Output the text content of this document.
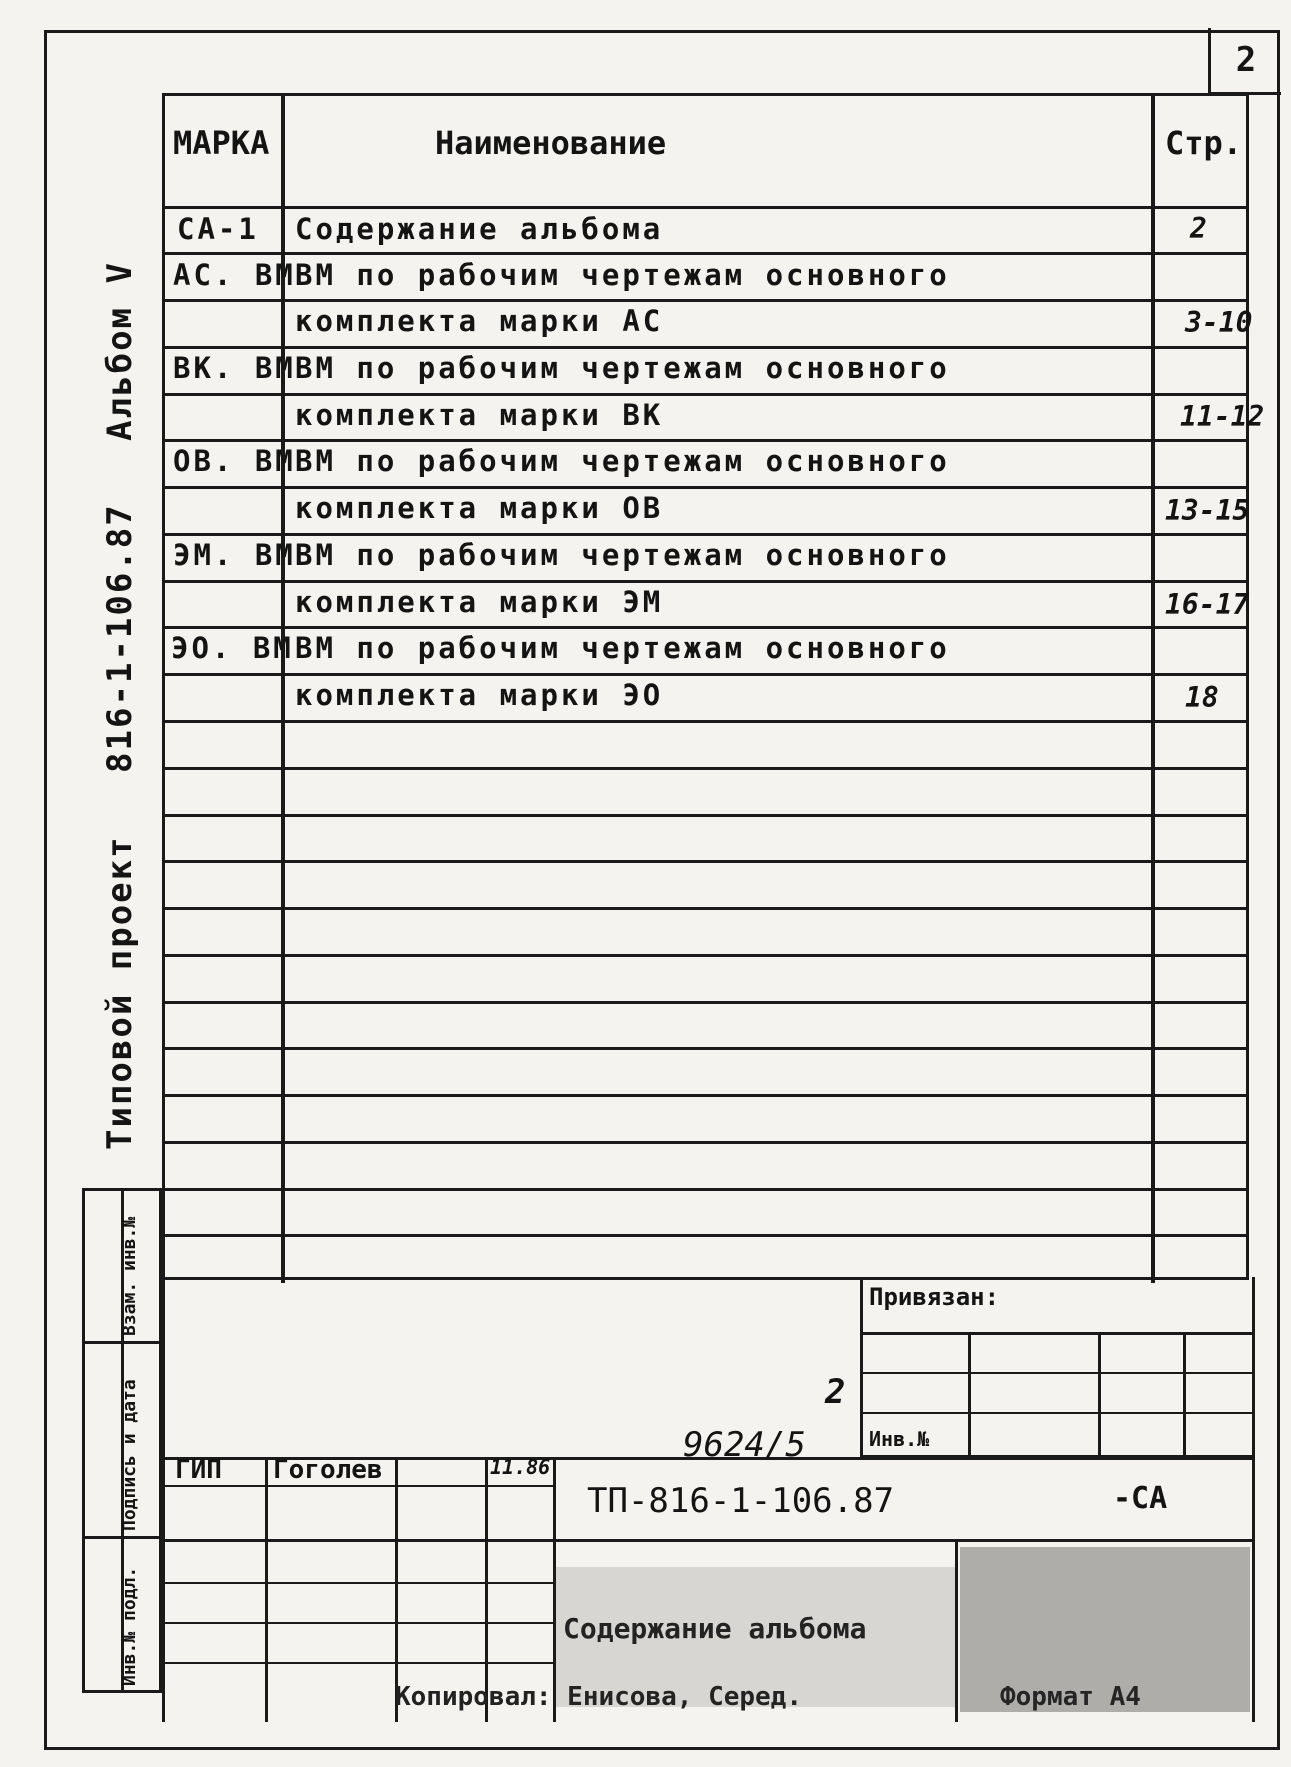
2
Типовой проект 816-1-106.87 Альбом V
МАРКА	Наименование	Стр.
СА-1 Содержание альбома	2
АС. ВМ ВМ по рабочим чертежам основного
комплекта марки АС	3-10
ВК. ВМ ВМ по рабочим чертежам основного
комплекта марки ВК	11-12
ОВ. ВМ ВМ по рабочим чертежам основного
комплекта марки ОВ	13-15
ЭМ. ВМ ВМ по рабочим чертежам основного
комплекта марки ЭМ	16-17
ЭО. ВМ ВМ по рабочим чертежам основного
комплекта марки ЭО	18
Взам. инв.№
Подпись и дата
Инв.№ подл.
ГИП Гоголев	11.86
9624/5
2
ТП-816-1-106.87	-СА
Содержание альбома
Копировал: Енисова, Серед.	Формат А4
Привязан:
Инв.№
